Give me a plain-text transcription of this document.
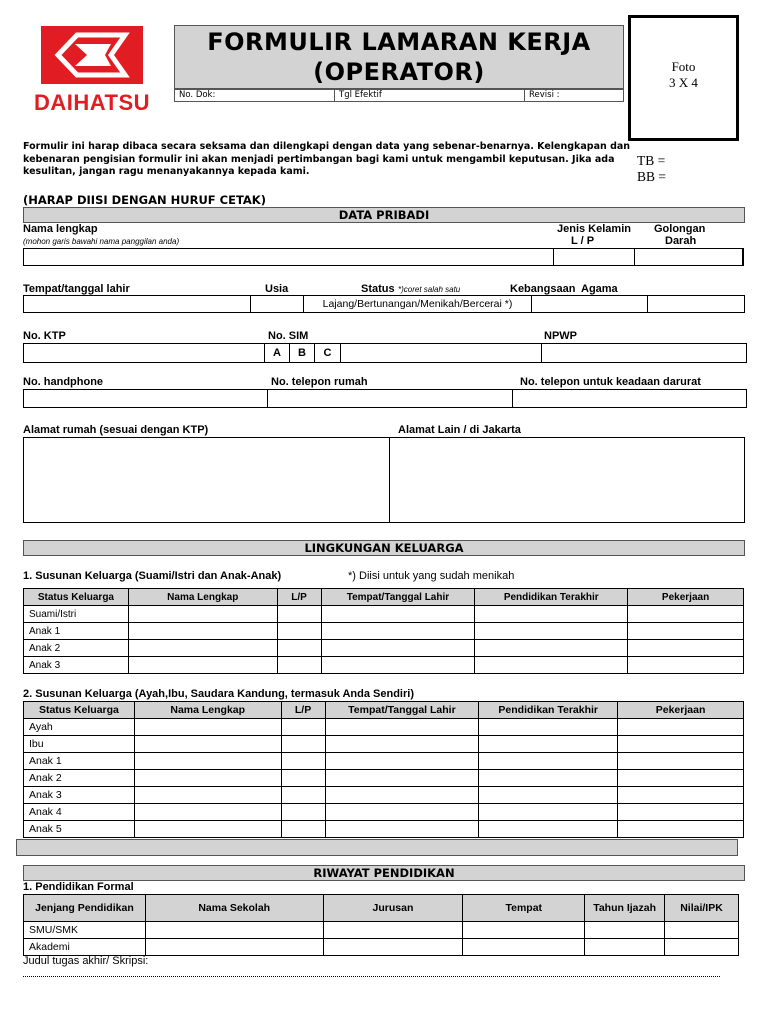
DAIHATSU
FORMULIR LAMARAN KERJA
(OPERATOR)
No. Dok:	Tgl Efektif	Revisi :
Foto
3 X 4
TB =
BB =
Formulir ini harap dibaca secara seksama dan dilengkapi dengan data yang sebenar-benarnya. Kelengkapan dan kebenaran pengisian formulir ini akan menjadi pertimbangan bagi kami untuk mengambil keputusan. Jika ada kesulitan, jangan ragu menanyakannya kepada kami.
(HARAP DIISI DENGAN HURUF CETAK)
DATA PRIBADI
Nama lengkap
(mohon garis bawahi nama panggilan anda)
Jenis Kelamin
L / P
Golongan
Darah
Tempat/tanggal lahir	Usia	Status *)coret salah satu	Kebangsaan Agama
Lajang/Bertunangan/Menikah/Bercerai *)
No. KTP	No. SIM	NPWP
A	B	C
No. handphone	No. telepon rumah	No. telepon untuk keadaan darurat
Alamat rumah (sesuai dengan KTP)	Alamat Lain / di Jakarta
LINGKUNGAN KELUARGA
1. Susunan Keluarga (Suami/Istri dan Anak-Anak)	*) Diisi untuk yang sudah menikah
Status Keluarga	Nama Lengkap	L/P	Tempat/Tanggal Lahir	Pendidikan Terakhir	Pekerjaan
Suami/Istri					
Anak 1					
Anak 2					
Anak 3					
2. Susunan Keluarga (Ayah,Ibu, Saudara Kandung, termasuk Anda Sendiri)
Status Keluarga	Nama Lengkap	L/P	Tempat/Tanggal Lahir	Pendidikan Terakhir	Pekerjaan
Ayah					
Ibu					
Anak 1					
Anak 2					
Anak 3					
Anak 4					
Anak 5					
RIWAYAT PENDIDIKAN
1. Pendidikan Formal
Jenjang Pendidikan	Nama Sekolah	Jurusan	Tempat	Tahun Ijazah	Nilai/IPK
SMU/SMK					
Akademi					
Judul tugas akhir/ Skripsi:
